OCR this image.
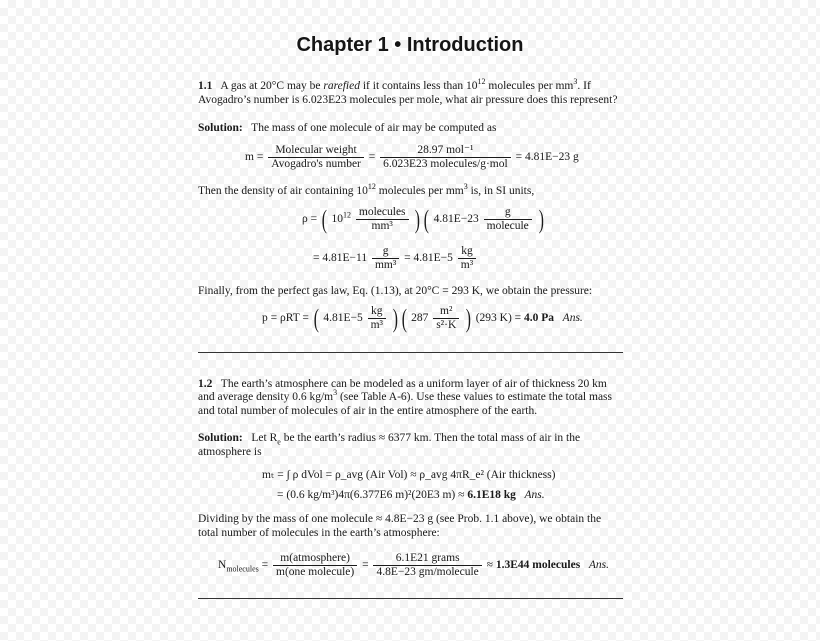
Chapter 1 • Introduction
1.1 A gas at 20°C may be rarefied if it contains less than $10^{12}$ molecules per $mm^3$. If
Avogadro’s number is 6.023E23 molecules per mole, what air pressure does this represent?
Solution: The mass of one molecule of air may be computed as
$m = \frac{\text{Molecular weight}}{\text{Avogadro's number}} = \frac{\text{28.97 mol⁻¹}}{\text{6.023E23 molecules/g·mol}} = 4.81E-23$ g
Then the density of air containing $10^{12}$ molecules per $mm^3$ is, in SI units,
ρ = ( $10^{12} \frac{\text{molecules}}{\text{mm³}}$ ) ( $4.81E-23 \frac{g}{\text{molecule}}$ )
= $4.81E-11 \frac{g}{\text{mm³}} = 4.81E-5 \frac{kg}{\text{m³}}$
Finally, from the perfect gas law, Eq. (1.13), at 20°C = 293 K, we obtain the pressure:
p = ρRT = ( $4.81E-5 \frac{kg}{\text{m³}}$ ) ( $287 \frac{\text{m²}}{\text{s²·K}}$ ) (293 K) = 4.0 Pa Ans.
1.2 The earth’s atmosphere can be modeled as a uniform layer of air of thickness 20 km
and average density 0.6 $kg/m^3$ (see Table A-6). Use these values to estimate the total mass
and total number of molecules of air in the entire atmosphere of the earth.
Solution: Let $R_e$ be the earth’s radius ≈ 6377 km. Then the total mass of air in the
atmosphere is
mₜ = ∫ ρ dVol = ρ_avg (Air Vol) ≈ ρ_avg 4πR_e² (Air thickness)
= (0.6 kg/m³)4π(6.377E6 m)²(20E3 m) ≈ 6.1E18 kg Ans.
Dividing by the mass of one molecule ≈ 4.8E−23 g (see Prob. 1.1 above), we obtain the
total number of molecules in the earth’s atmosphere:
$N_{molecules} = \frac{\text{m(atmosphere)}}{\text{m(one molecule)}} = \frac{\text{6.1E21 grams}}{\text{4.8E−23 gm/molecule}} \approx 1.3E44$ molecules Ans.
